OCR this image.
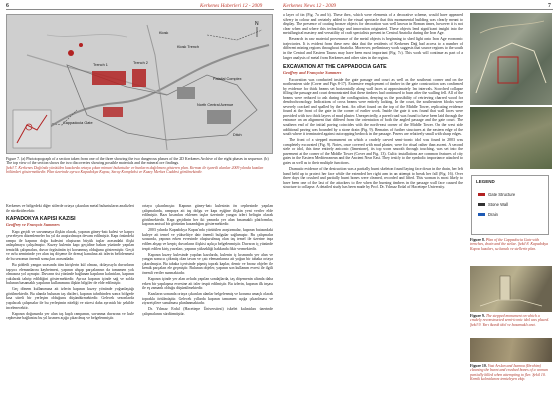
6	Kerkenes Haberleri 12 - 2009	Kerkenes News 12 - 2009	7
N
Kiosk
Trench 1	Trench 2
Kiosk Trench
North Central Avenue
Cappadocia Gate
Palatial Complex
Ditch
Figure 7. (a) Phototopograph of a section taken from one of the three showing the two dangerous phases of the 2D Kerkenes Archive of the eight phases in sequence. (b) The top view of the section shows the two discoveries showing possible materials and the mineral ore findings.
Şekil 7. Kerkenes Dağı'nda yürütülen kazılarda ortaya çıkan mimari buluntular ve bunların dağılımını gösteren plan. Kırmızı ile işaretli alanlar 2009 yılında kazılan bölümleri göstermektedir. Plan üzerinde ayrıca Kapadokya Kapısı, Saray Kompleksi ve Kuzey Merkez Caddesi görülmektedir.

Kerkenes ve bölgedeki diğer sitlerde ortaya çıkarılan metal buluntuların analizleri ile sürdürülecektir.

KAPADOKYA KAPISI KAZISI
Geoffrey ve François Summers

Kapı geçidi ve savunmaya ilişkin olarak, yapının güney-batı kulesi ve kapıyı çevreleyen düzenlemeler bu yıl da araştırılmaya devam edilmiştir. Kapı önündeki rampa ile kapının doğu kulesini oluşturan büyük taşlar arasındaki ilişki anlaşılmaya çalışılmıştır. Kuzey kulenin kapı geçidine bakan yüzünde yapılan temizlik çalışmaları, duvar örgüsünün iyi korunmuş olduğunu göstermiştir. Geçit ve avlu zemininde yer alan taş döşeme ile drenaj kanalına ait izlerin belirlenmesi de bu sezonun önemli sonuçları arasındadır.

Bu şiddetli yangın sırasında tüm kirişlerin kül olması, dolayısıyla duvarların taşıyıcı elemanlarını kaybetmesi, yapının ahşap parçalarının da tamamen yok olmasına yol açmıştır. Duvarın üst yüzünde bağlanan kapıların kalıntıları, kapının yakılarak tahrip edildiğini göstermektedir. Ayrıca kapının içinde sağ ve solda bulunan basamaklı yapıların kullanımına ilişkin bilgiler de elde edilmiştir.

Geç dönem kullanımına ait izlerin kapının kuzey yönünde yoğunlaştığı görülmektedir. Bu alanda bulunan taş dizileri, kapının tahribinden sonra bölgede kısa süreli bir yerleşim olduğunu düşündürmektedir. Gelecek sezonlarda yapılacak çalışmalar ile bu yerleşimin niteliği ve süresi daha ayrıntılı bir şekilde incelenecektir.

Kapının doğusunda yer alan taş kaplı rampanın, savunma duvarına ve kule cephesine bağlantısı bu yıl kısmen açığa çıkarılmış ve belgelenmiştir.

ortaya çıkarılmıştır. Kapının güney-batı kulesinin ön cephesinde yapılan çalışmalarda, rampaya ait taş dolgu ve kapı eşiğine ilişkin yeni veriler elde edilmiştir. Bazı kısımları eklenen taşlar üzerinde yangın izleri belirgin olarak görülmektedir. Kapı geçidinin her iki yanında yer alan basamaklı platformlar, kapının anıtsal bir görünüm kazandığını göstermektedir.

2003 yılında Kapadokya Kapısı'nda yürütülen araştırmalar, kapının batısındaki kuleye ait temel ve yükseltiye dair önemli bulgular sağlamıştır. Bu çalışmalar sırasında, yapının erken evresinde oluşturulmuş olan taş temel ile üzerine inşa edilen ahşap ve kerpiç duvarların ilişkisi açıkça belgelenmiştir. Duvarın iç yüzünde tespit edilen kiriş yuvaları, yapının yüksekliği hakkında fikir vermektedir.

Kapının kuzey kulesinde yapılan kazılarda, kulenin iç kısmında yer alan ve yangın sonucu çökmüş olan tavan ve çatı elemanlarına ait yoğun bir tabaka ortaya çıkarılmıştır. Bu tabaka içerisinde pişmiş toprak kaplar, demir ve bronz objeler ile kemik parçaları ele geçmiştir. Bulunan objeler, yapının son kullanım evresi ile ilgili önemli veriler sunmaktadır.

Kapının içinde yer alan avluda yapılan sondajlarda, taş döşemenin altında daha erken bir yapılaşma evresine ait izler tespit edilmiştir. Bu izlerin, kapının ilk inşası ile eş zamanlı olduğu düşünülmektedir.

Kazıların sonunda ortaya çıkarılan alanlar belgelenmiş ve koruma amaçlı olarak toprakla örtülmüştür. Gelecek yıllarda kapının tamamen açığa çıkarılması ve ziyaretçilere sunulması planlanmaktadır.

Dr. Yılmaz Erdal (Hacettepe Üniversitesi) iskelet kalıntıları üzerinde çalışmalarını sürdürmüştür.

a layer of tin (Fig. 7a and b). These ibex, which were elements of a decorative scheme, would have appeared silvery in colour and certainly added to the visual spectacle that this monumental building was clearly meant to display. The presence of coating bronze objects for decoration was well known in Roman times, however it is not clear when and where this technology and innovation originated. These objects lend significant insight into the metallurgical mastery and versatility of craft specialists present in Central Anatolia during the Iron Age.

Research in raw material provenance of the metal objects is beginning to shed light onto Iron Age economic trajectories. It is evident from these new data that the residents of Kerkenes Dağ had access to a number of different mining regions throughout Anatolia. Moreover, preliminary work suggests that source regions to the south in the Central and Eastern Taurus may have been most important (Fig. 7c). This work will continue as part of a larger analysis of metal from Kerkenes and other sites in the region.

EXCAVATION AT THE CAPPADOCIA GATE
Geoffrey and Françoise Summers

Excavation was conducted inside the gate passage and court as well as the southeast corner and on the northeastern side (Cover and Figs 8-17). Extensive employment of timber in the gate construction was confirmed by evidence for thick beams set horizontally along wall faces at approximately 1m intervals. Scorched collapse filling the passage and court demonstrated that these timbers had continued to burn after the walling fell. All of the beams were reduced to ash during the conflagration, denying us the possibility of retrieving charred wood for dendrochronology. Indications of cross beams were entirely lacking. In the court, the southeastern blocks were severely cracked and spalled by the heat. An offset found on the top of the Middle Tower, replicating evidence found at the front of the gate in the corner of earlier work. Inside the gate it was found that wall faces were provided with two thick layers of mud plaster. Unexpectedly, a paved road was found to have been laid through the entrance on an alignment that differed from the orientation of both the angled passage and the gate court. The southern end of the initial paving coincides with the north-east corner of the Middle Tower. On the west side additional paving was bounded by a stone drain (Fig. 9). Remains of further structures at the eastern edge of the south where it terminated against outcropping bedrock in the passage. Pavers are relatively small with sharp edges.

The front of a stepped monument on which a crudely carved semi-iconic idol was found in 2003 was completely excavated (Fig. 9). Notes, once covered with mud plaster, were for ritual rather than ascent. A second stele or idol, this time entirely aniconic (limestone), its top worn smooth through touching, was set into the pavement at the corner of the Middle Tower (Cover and Fig. 13). Cultic installations are common features of city gates in the Eastern Mediterranean and the Ancient Near East. They testify to the symbolic importance attached to gates as well as to their multiple functions.

Dramatic evidence of the destruction was a partially burnt skeleton found laying face down in the drain, her left hand held up to protect her face while the extended her right arm in an attempt to break her fall (Fig. 16). Over three days the crushed and partially burnt bones were cleaned, recorded and lifted. This woman is most likely to have been one of the last of the attackers to flee when the burning timbers in the passage wall face caused the structure to collapse. A detailed study has been made by Prof. Dr. Yılmaz Erdal of Hacettepe University.

LEGEND
Gate Structure
Stone Wall
Drain
Figure 8. Plan of the Cappadocia Gate with trenches, drain and the stelae. Şekil 8. Kapadokya Kapısı kazıları, su kanalı ve stellerin plan.
Figure 9. The stepped monument on which a crudely reconstructed semi-iconic idol was placed. Şekil 9. Yarı ikonik idol ve basamaklı anıt.
Figure 10. Vast Arslan and Isamoa (Ibrahim) cleaning the burnt and crushed bones of a woman partially killed when attempting to flee. Şekil 10. Kemik kalıntılarını temizleyen ekip.
